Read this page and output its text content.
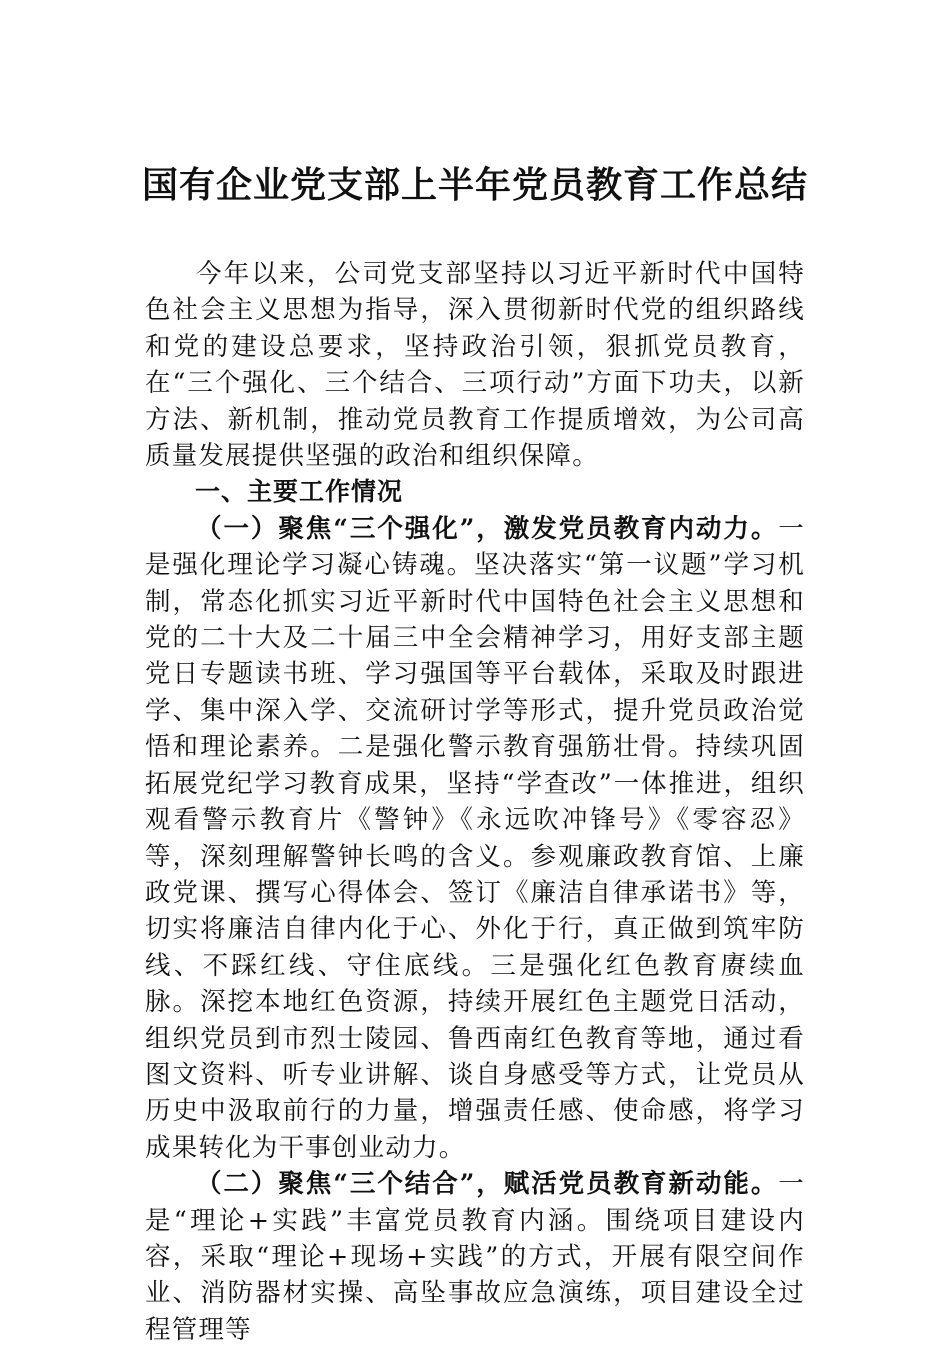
国有企业党支部上半年党员教育工作总结

今年以来，公司党支部坚持以习近平新时代中国特色社会主义思想为指导，深入贯彻新时代党的组织路线和党的建设总要求，坚持政治引领，狠抓党员教育，在“三个强化、三个结合、三项行动”方面下功夫，以新方法、新机制，推动党员教育工作提质增效，为公司高质量发展提供坚强的政治和组织保障。

一、主要工作情况

（一）聚焦“三个强化”，激发党员教育内动力。一是强化理论学习凝心铸魂。坚决落实“第一议题”学习机制，常态化抓实习近平新时代中国特色社会主义思想和党的二十大及二十届三中全会精神学习，用好支部主题党日专题读书班、学习强国等平台载体，采取及时跟进学、集中深入学、交流研讨学等形式，提升党员政治觉悟和理论素养。二是强化警示教育强筋壮骨。持续巩固拓展党纪学习教育成果，坚持“学查改”一体推进，组织观看警示教育片《警钟》《永远吹冲锋号》《零容忍》等，深刻理解警钟长鸣的含义。参观廉政教育馆、上廉政党课、撰写心得体会、签订《廉洁自律承诺书》等，切实将廉洁自律内化于心、外化于行，真正做到筑牢防线、不踩红线、守住底线。三是强化红色教育赓续血脉。深挖本地红色资源，持续开展红色主题党日活动，组织党员到市烈士陵园、鲁西南红色教育等地，通过看图文资料、听专业讲解、谈自身感受等方式，让党员从历史中汲取前行的力量，增强责任感、使命感，将学习成果转化为干事创业动力。

（二）聚焦“三个结合”，赋活党员教育新动能。一是“理论+实践”丰富党员教育内涵。围绕项目建设内容，采取“理论+现场+实践”的方式，开展有限空间作业、消防器材实操、高坠事故应急演练，项目建设全过程管理等
